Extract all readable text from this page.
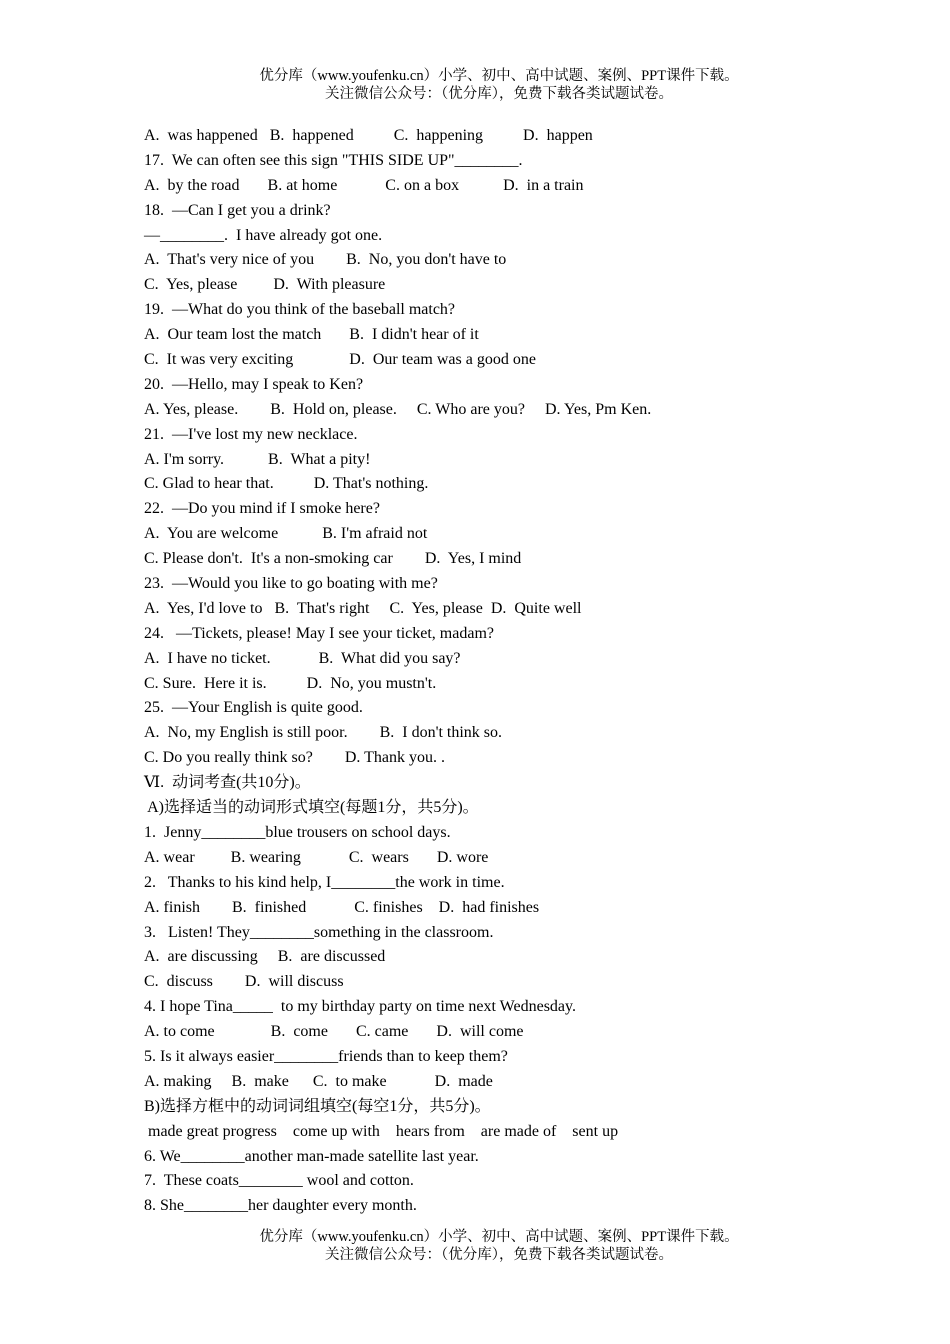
优分库（www.youfenku.cn）小学、初中、高中试题、案例、PPT课件下载。
关注微信公众号：（优分库），免费下载各类试题试卷。
A.  was happened   B.  happened          C.  happening          D.  happen
17.  We can often see this sign "THIS SIDE UP"________.
A.  by the road       B. at home            C. on a box           D.  in a train
18.  —Can I get you a drink?
—________.  I have already got one.
A.  That's very nice of you        B.  No, you don't have to
C.  Yes, please         D.  With pleasure
19.  —What do you think of the baseball match?
A.  Our team lost the match       B.  I didn't hear of it
C.  It was very exciting              D.  Our team was a good one
20.  —Hello, may I speak to Ken?
A. Yes, please.        B.  Hold on, please.     C. Who are you?     D. Yes, Pm Ken.
21.  —I've lost my new necklace.
A. I'm sorry.           B.  What a pity!
C. Glad to hear that.          D. That's nothing.
22.  —Do you mind if I smoke here?
A.  You are welcome           B. I'm afraid not
C. Please don't.  It's a non-smoking car        D.  Yes, I mind
23.  —Would you like to go boating with me?
A.  Yes, I'd love to   B.  That's right     C.  Yes, please  D.  Quite well
24.   —Tickets, please! May I see your ticket, madam?
A.  I have no ticket.            B.  What did you say?
C. Sure.  Here it is.          D.  No, you mustn't.
25.  —Your English is quite good.
A.  No, my English is still poor.        B.  I don't think so.
C. Do you really think so?        D. Thank you. .
Ⅵ.  动词考查(共10分)。
A)选择适当的动词形式填空(每题1分，共5分)。
1.  Jenny________blue trousers on school days.
A. wear         B. wearing            C.  wears       D. wore
2.   Thanks to his kind help, I________the work in time.
A. finish        B.  finished            C. finishes    D.  had finishes
3.   Listen! They________something in the classroom.
A.  are discussing     B.  are discussed
C.  discuss        D.  will discuss
4. I hope Tina_____  to my birthday party on time next Wednesday.
A. to come              B.  come       C. came       D.  will come
5. Is it always easier________friends than to keep them?
A. making     B.  make      C.  to make            D.  made
B)选择方框中的动词词组填空(每空1分，共5分)。
made great progress    come up with    hears from    are made of    sent up
6. We________another man-made satellite last year.
7.  These coats________ wool and cotton.
8. She________her daughter every month.
优分库（www.youfenku.cn）小学、初中、高中试题、案例、PPT课件下载。
关注微信公众号：（优分库），免费下载各类试题试卷。
